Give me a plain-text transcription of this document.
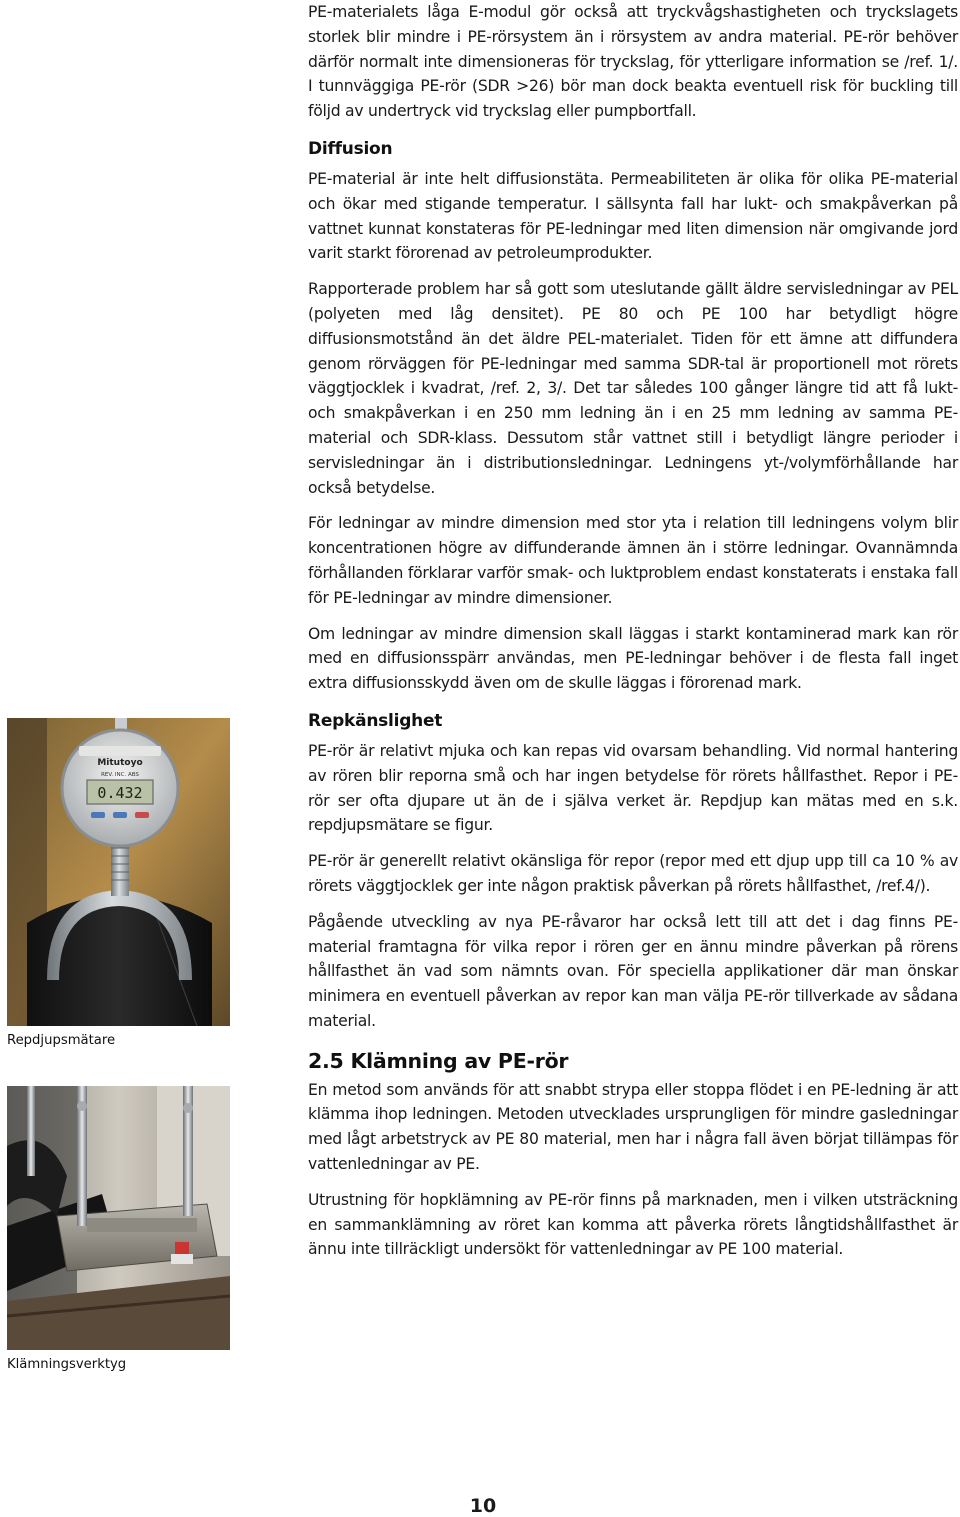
PE-materialets låga E-modul gör också att tryckvågshastigheten och tryckslagets storlek blir mindre i PE-rörsystem än i rörsystem av andra material. PE-rör behöver därför normalt inte dimensioneras för tryckslag, för ytterligare information se /ref. 1/. I tunnväggiga PE-rör (SDR >26) bör man dock beakta eventuell risk för buckling till följd av undertryck vid tryckslag eller pumpbortfall.

Diffusion

PE-material är inte helt diffusionstäta. Permeabiliteten är olika för olika PE-material och ökar med stigande temperatur. I sällsynta fall har lukt- och smakpåverkan på vattnet kunnat konstateras för PE-ledningar med liten dimension när omgivande jord varit starkt förorenad av petroleumprodukter.

Rapporterade problem har så gott som uteslutande gällt äldre servisledningar av PEL (polyeten med låg densitet). PE 80 och PE 100 har betydligt högre diffusionsmotstånd än det äldre PEL-materialet. Tiden för ett ämne att diffundera genom rörväggen för PE-ledningar med samma SDR-tal är proportionell mot rörets väggtjocklek i kvadrat, /ref. 2, 3/. Det tar således 100 gånger längre tid att få lukt- och smakpåverkan i en 250 mm ledning än i en 25 mm ledning av samma PE-material och SDR-klass. Dessutom står vattnet still i betydligt längre perioder i servisledningar än i distributionsledningar. Ledningens yt-/volymförhållande har också betydelse.

För ledningar av mindre dimension med stor yta i relation till ledningens volym blir koncentrationen högre av diffunderande ämnen än i större ledningar. Ovannämnda förhållanden förklarar varför smak- och luktproblem endast konstaterats i enstaka fall för PE-ledningar av mindre dimensioner.

Om ledningar av mindre dimension skall läggas i starkt kontaminerad mark kan rör med en diffusionsspärr användas, men PE-ledningar behöver i de flesta fall inget extra diffusionsskydd även om de skulle läggas i förorenad mark.

Repkänslighet

PE-rör är relativt mjuka och kan repas vid ovarsam behandling. Vid normal hantering av rören blir reporna små och har ingen betydelse för rörets hållfasthet. Repor i PE-rör ser ofta djupare ut än de i själva verket är. Repdjup kan mätas med en s.k. repdjupsmätare se figur.

PE-rör är generellt relativt okänsliga för repor (repor med ett djup upp till ca 10 % av rörets väggtjocklek ger inte någon praktisk påverkan på rörets hållfasthet, /ref.4/).

Pågående utveckling av nya PE-råvaror har också lett till att det i dag finns PE-material framtagna för vilka repor i rören ger en ännu mindre påverkan på rörens hållfasthet än vad som nämnts ovan. För speciella applikationer där man önskar minimera en eventuell påverkan av repor kan man välja PE-rör tillverkade av sådana material.

2.5 Klämning av PE-rör

En metod som används för att snabbt strypa eller stoppa flödet i en PE-ledning är att klämma ihop ledningen. Metoden utvecklades ursprungligen för mindre gasledningar med lågt arbetstryck av PE 80 material, men har i några fall även börjat tillämpas för vattenledningar av PE.

Utrustning för hopklämning av PE-rör finns på marknaden, men i vilken utsträckning en sammanklämning av röret kan komma att påverka rörets långtidshållfasthet är ännu inte tillräckligt undersökt för vattenledningar av PE 100 material.

Mitutoyo
REV. INC. ABS
0.432
Repdjupsmätare
Klämningsverktyg
10
